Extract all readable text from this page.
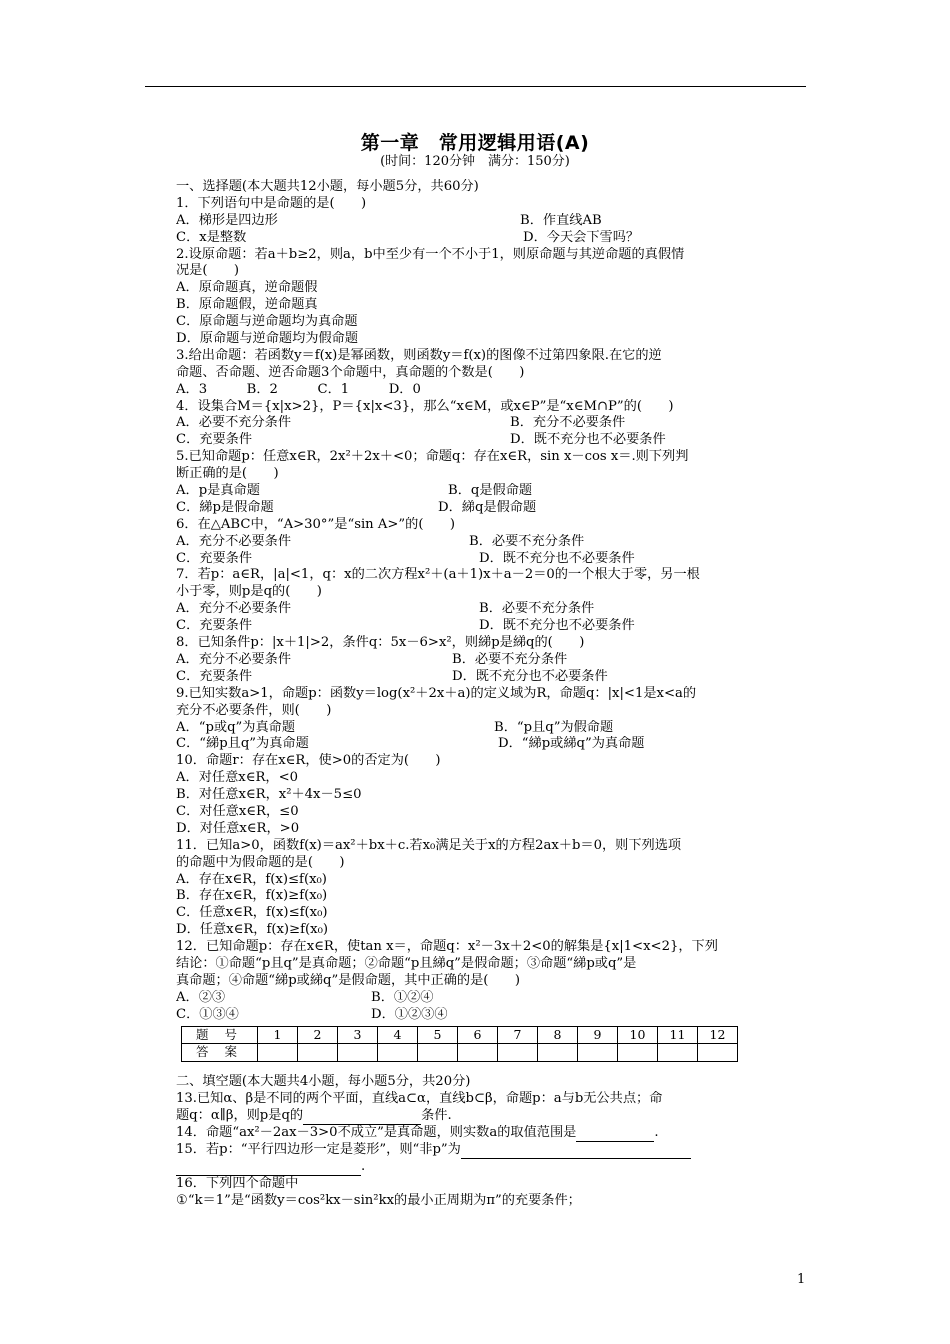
第一章　常用逻辑用语(A)
(时间：120分钟　满分：150分)
一、选择题(本大题共12小题，每小题5分，共60分)
1．下列语句中是命题的是(　　)
A．梯形是四边形	B．作直线AB
C．x是整数	D．今天会下雪吗？
2.设原命题：若a＋b≥2，则a，b中至少有一个不小于1，则原命题与其逆命题的真假情
况是(　　)
A．原命题真，逆命题假
B．原命题假，逆命题真
C．原命题与逆命题均为真命题
D．原命题与逆命题均为假命题
3.给出命题：若函数y＝f(x)是幂函数，则函数y＝f(x)的图像不过第四象限.在它的逆
命题、否命题、逆否命题3个命题中，真命题的个数是(　　)
A．3　　　B．2　　　C．1　　　D．0
4．设集合M＝{x|x>2}，P＝{x|x<3}，那么“x∈M，或x∈P”是“x∈M∩P”的(　　)
A．必要不充分条件	B．充分不必要条件
C．充要条件	D．既不充分也不必要条件
5.已知命题p：任意x∈R，2x²＋2x＋<0；命题q：存在x∈R，sin x－cos x＝.则下列判
断正确的是(　　)
A．p是真命题	B．q是假命题
C．綈p是假命题	D．綈q是假命题
6．在△ABC中，“A>30°”是“sin A>”的(　　)
A．充分不必要条件	B．必要不充分条件
C．充要条件	D．既不充分也不必要条件
7．若p：a∈R，|a|<1，q：x的二次方程x²＋(a＋1)x＋a－2＝0的一个根大于零，另一根
小于零，则p是q的(　　)
A．充分不必要条件	B．必要不充分条件
C．充要条件	D．既不充分也不必要条件
8．已知条件p：|x＋1|>2，条件q：5x－6>x²，则綈p是綈q的(　　)
A．充分不必要条件	B．必要不充分条件
C．充要条件	D．既不充分也不必要条件
9.已知实数a>1，命题p：函数y＝log(x²＋2x＋a)的定义域为R，命题q：|x|<1是x<a的
充分不必要条件，则(　　)
A．“p或q”为真命题	B．“p且q”为假命题
C．“綈p且q”为真命题	D．“綈p或綈q”为真命题
10．命题r：存在x∈R，使>0的否定为(　　)
A．对任意x∈R，<0
B．对任意x∈R，x²＋4x－5≤0
C．对任意x∈R，≤0
D．对任意x∈R，>0
11．已知a>0，函数f(x)＝ax²＋bx＋c.若x₀满足关于x的方程2ax＋b＝0，则下列选项
的命题中为假命题的是(　　)
A．存在x∈R，f(x)≤f(x₀)
B．存在x∈R，f(x)≥f(x₀)
C．任意x∈R，f(x)≤f(x₀)
D．任意x∈R，f(x)≥f(x₀)
12．已知命题p：存在x∈R，使tan x＝，命题q：x²－3x＋2<0的解集是{x|1<x<2}，下列
结论：①命题“p且q”是真命题；②命题“p且綈q”是假命题；③命题“綈p或q”是
真命题；④命题“綈p或綈q”是假命题，其中正确的是(　　)
A．②③	B．①②④
C．①③④	D．①②③④
题 号	1	2	3	4	5	6	7	8	9	10	11	12
答 案												
二、填空题(本大题共4小题，每小题5分，共20分)
13.已知α、β是不同的两个平面，直线a⊂α，直线b⊂β，命题p：a与b无公共点；命
题q：α∥β，则p是q的	条件.
14．命题“ax²－2ax－3>0不成立”是真命题，则实数a的取值范围是	.
15．若p：“平行四边形一定是菱形”，则“非p”为
.
16．下列四个命题中
①“k＝1”是“函数y＝cos²kx－sin²kx的最小正周期为π”的充要条件；
1
